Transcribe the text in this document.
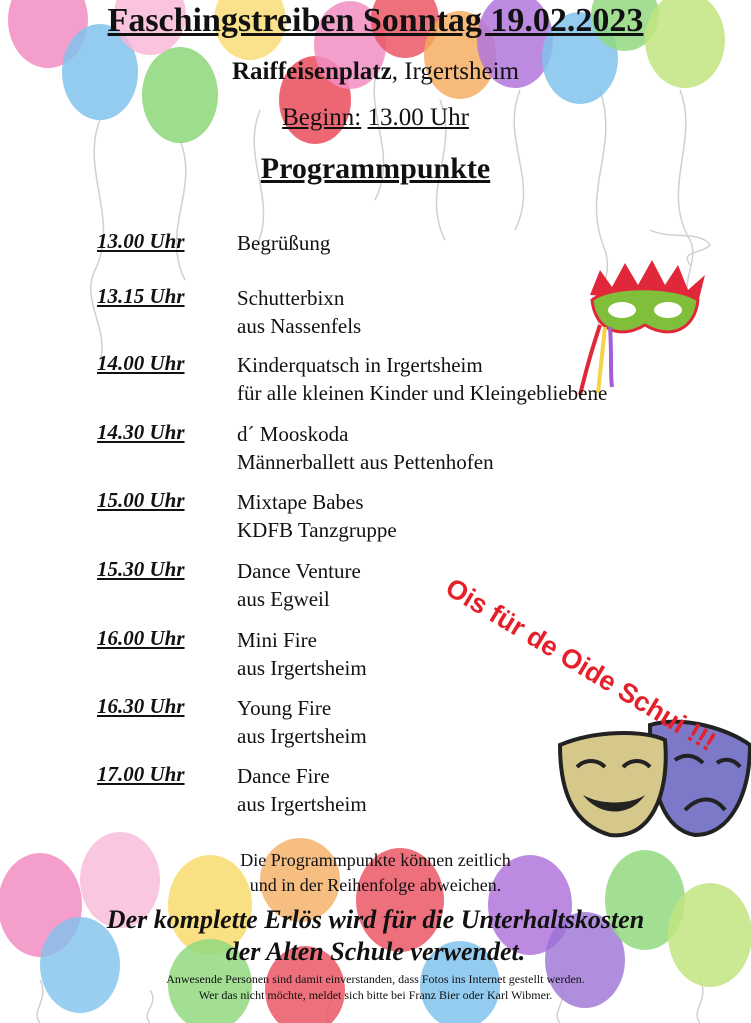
Faschingstreiben Sonntag 19.02.2023
Raiffeisenplatz, Irgertsheim
Beginn: 13.00 Uhr
Programmpunkte
13.00 Uhr Begrüßung
13.15 Uhr Schutterbixn
aus Nassenfels
14.00 Uhr Kinderquatsch in Irgertsheim
für alle kleinen Kinder und Kleingebliebene
14.30 Uhr d´ Mooskoda
Männerballett aus Pettenhofen
15.00 Uhr Mixtape Babes
KDFB Tanzgruppe
15.30 Uhr Dance Venture
aus Egweil
16.00 Uhr Mini Fire
aus Irgertsheim
16.30 Uhr Young Fire
aus Irgertsheim
17.00 Uhr Dance Fire
aus Irgertsheim
Ois für de Oide Schui !!!
Die Programmpunkte können zeitlich
und in der Reihenfolge abweichen.
Der komplette Erlös wird für die Unterhaltskosten
der Alten Schule verwendet.
Anwesende Personen sind damit einverstanden, dass Fotos ins Internet gestellt werden.
Wer das nicht möchte, meldet sich bitte bei Franz Bier oder Karl Wibmer.
